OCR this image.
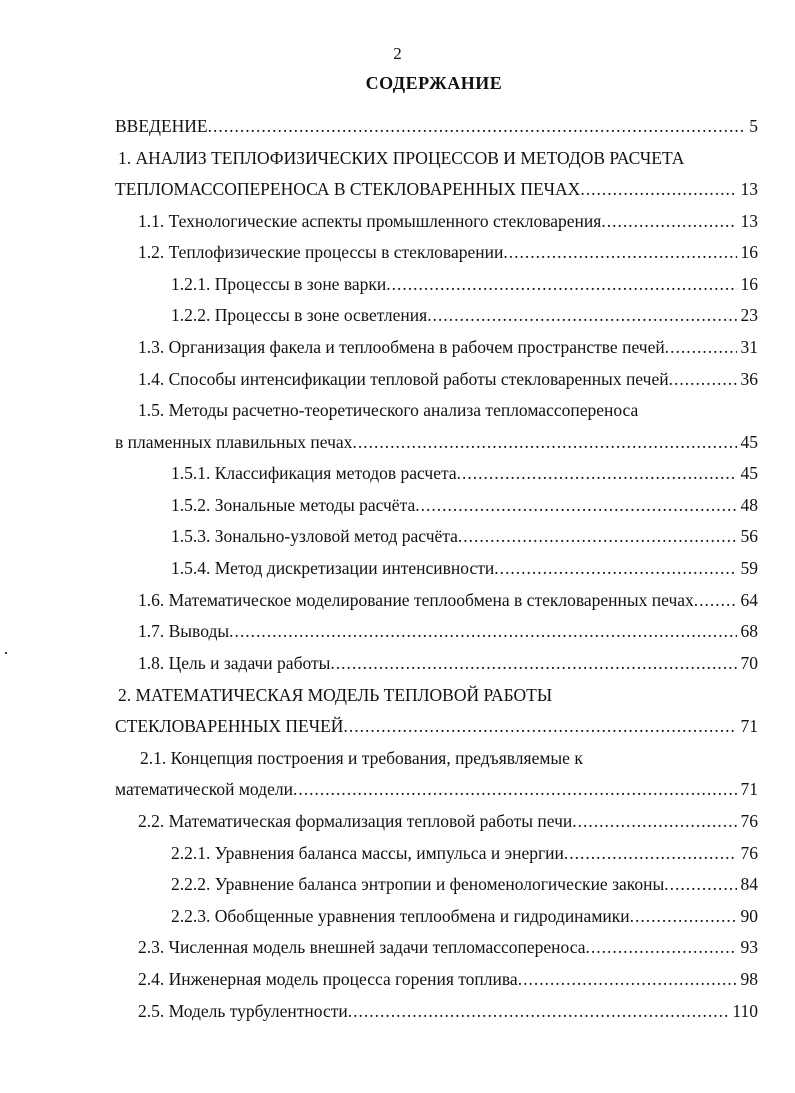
2
СОДЕРЖАНИЕ
ВВЕДЕНИЕ .....	5
1. АНАЛИЗ ТЕПЛОФИЗИЧЕСКИХ ПРОЦЕССОВ И МЕТОДОВ РАСЧЕТА
ТЕПЛОМАССОПЕРЕНОСА В СТЕКЛОВАРЕННЫХ ПЕЧАХ .....	13
1.1. Технологические аспекты промышленного стекловарения .....	13
1.2. Теплофизические процессы в стекловарении .....	16
1.2.1. Процессы в зоне варки .....	16
1.2.2. Процессы в зоне осветления .....	23
1.3. Организация факела и теплообмена в рабочем пространстве печей .....	31
1.4. Способы интенсификации тепловой работы стекловаренных печей .....	36
1.5. Методы расчетно-теоретического анализа тепломассопереноса
в пламенных плавильных печах .....	45
1.5.1. Классификация методов расчета .....	45
1.5.2. Зональные методы расчёта .....	48
1.5.3. Зонально-узловой метод расчёта .....	56
1.5.4. Метод дискретизации интенсивности .....	59
1.6. Математическое моделирование теплообмена в стекловаренных печах .....	64
1.7. Выводы .....	68
1.8. Цель и задачи работы .....	70
2. МАТЕМАТИЧЕСКАЯ МОДЕЛЬ ТЕПЛОВОЙ РАБОТЫ
СТЕКЛОВАРЕННЫХ ПЕЧЕЙ .....	71
2.1. Концепция построения и требования, предъявляемые к
математической модели .....	71
2.2. Математическая формализация тепловой работы печи .....	76
2.2.1. Уравнения баланса массы, импульса и энергии .....	76
2.2.2. Уравнение баланса энтропии и феноменологические законы .....	84
2.2.3. Обобщенные уравнения теплообмена и гидродинамики .....	90
2.3. Численная модель внешней задачи тепломассопереноса .....	93
2.4. Инженерная модель процесса горения топлива .....	98
2.5. Модель турбулентности .....	110
